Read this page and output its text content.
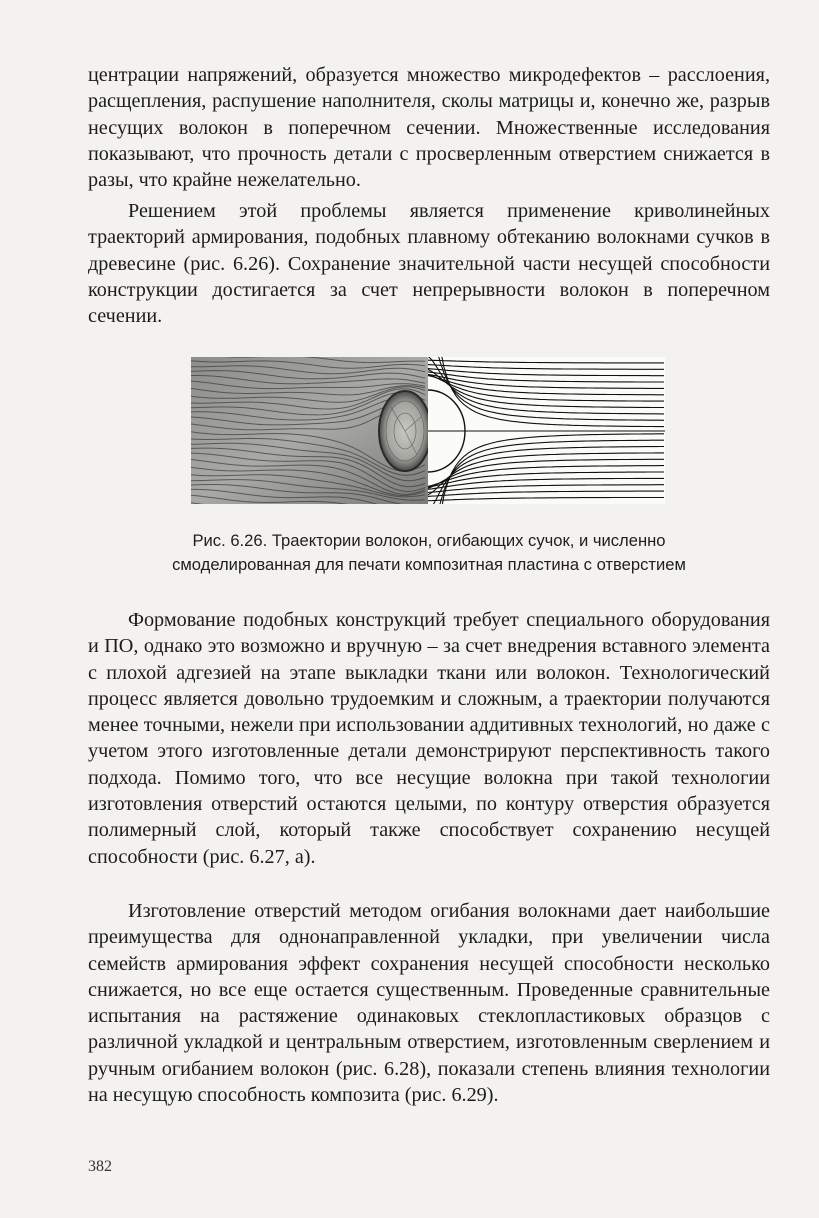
центрации напряжений, образуется множество микродефектов – расслоения, расщепления, распушение наполнителя, сколы матрицы и, конечно же, разрыв несущих волокон в поперечном сечении. Множественные исследования показывают, что прочность детали с просверленным отверстием снижается в разы, что крайне нежелательно.

Решением этой проблемы является применение криволинейных траекторий армирования, подобных плавному обтеканию волокнами сучков в древесине (рис. 6.26). Сохранение значительной части несущей способности конструкции достигается за счет непрерывности волокон в поперечном сечении.

Рис. 6.26. Траектории волокон, огибающих сучок, и численно
смоделированная для печати композитная пластина с отверстием

Формование подобных конструкций требует специального оборудования и ПО, однако это возможно и вручную – за счет внедрения вставного элемента с плохой адгезией на этапе выкладки ткани или волокон. Технологический процесс является довольно трудоемким и сложным, а траектории получаются менее точными, нежели при использовании аддитивных технологий, но даже с учетом этого изготовленные детали демонстрируют перспективность такого подхода. Помимо того, что все несущие волокна при такой технологии изготовления отверстий остаются целыми, по контуру отверстия образуется полимерный слой, который также способствует сохранению несущей способности (рис. 6.27, а).

Изготовление отверстий методом огибания волокнами дает наибольшие преимущества для однонаправленной укладки, при увеличении числа семейств армирования эффект сохранения несущей способности несколько снижается, но все еще остается существенным. Проведенные сравнительные испытания на растяжение одинаковых стеклопластиковых образцов с различной укладкой и центральным отверстием, изготовленным сверлением и ручным огибанием волокон (рис. 6.28), показали степень влияния технологии на несущую способность композита (рис. 6.29).

382
